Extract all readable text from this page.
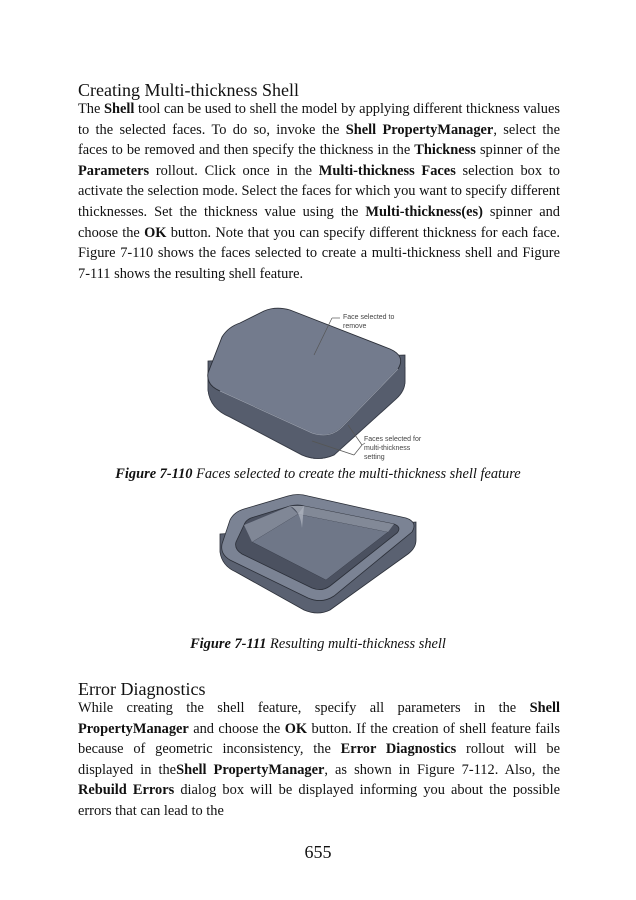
Creating Multi-thickness Shell

The Shell tool can be used to shell the model by applying different thickness values to the selected faces. To do so, invoke the Shell PropertyManager, select the faces to be removed and then specify the thickness in the Thickness spinner of the Parameters rollout. Click once in the Multi-thickness Faces selection box to activate the selection mode. Select the faces for which you want to specify different thicknesses. Set the thickness value using the Multi-thickness(es) spinner and choose the OK button. Note that you can specify different thickness for each face. Figure 7-110 shows the faces selected to create a multi-thickness shell and Figure 7-111 shows the resulting shell feature.

Face selected to
remove
Faces selected for
multi-thickness
setting

Figure 7-110 Faces selected to create the multi-thickness shell feature

Figure 7-111 Resulting multi-thickness shell

Error Diagnostics

While creating the shell feature, specify all parameters in the Shell PropertyManager and choose the OK button. If the creation of shell feature fails because of geometric inconsistency, the Error Diagnostics rollout will be displayed in theShell PropertyManager, as shown in Figure 7-112. Also, the Rebuild Errors dialog box will be displayed informing you about the possible errors that can lead to the

655
